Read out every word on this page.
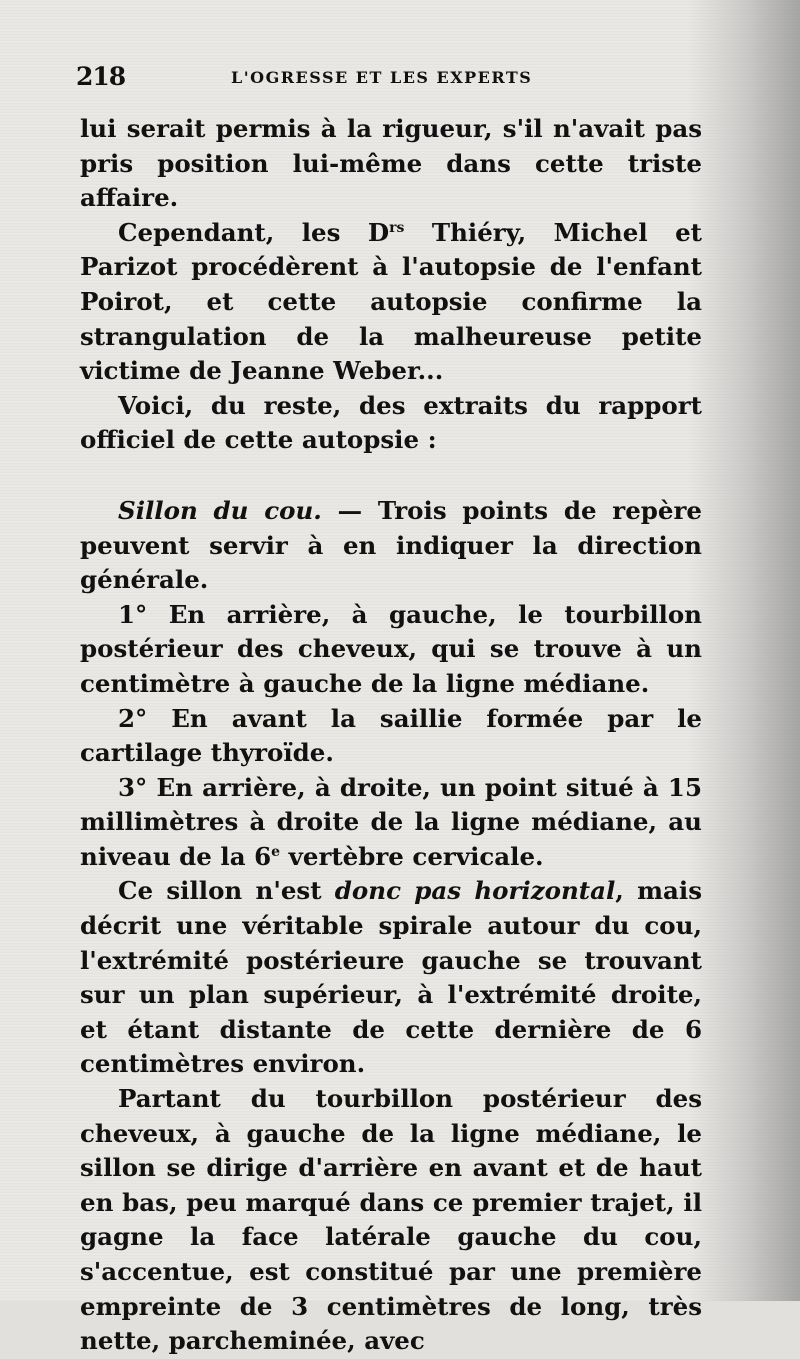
218	L'OGRESSE ET LES EXPERTS

lui serait permis à la rigueur, s'il n'avait pas pris position lui-même dans cette triste affaire.

Cependant, les $D^{rs}$ Thiéry, Michel et Parizot procédèrent à l'autopsie de l'enfant Poirot, et cette autopsie confirme la strangulation de la malheureuse petite victime de Jeanne Weber...

Voici, du reste, des extraits du rapport officiel de cette autopsie :

Sillon du cou. — Trois points de repère peuvent servir à en indiquer la direction générale.

1° En arrière, à gauche, le tourbillon postérieur des cheveux, qui se trouve à un centimètre à gauche de la ligne médiane.

2° En avant la saillie formée par le cartilage thyroïde.

3° En arrière, à droite, un point situé à 15 millimètres à droite de la ligne médiane, au niveau de la 6e vertèbre cervicale.

Ce sillon n'est donc pas horizontal, mais décrit une véritable spirale autour du cou, l'extrémité postérieure gauche se trouvant sur un plan supérieur, à l'extrémité droite, et étant distante de cette dernière de 6 centimètres environ.

Partant du tourbillon postérieur des cheveux, à gauche de la ligne médiane, le sillon se dirige d'arrière en avant et de haut en bas, peu marqué dans ce premier trajet, il gagne la face latérale gauche du cou, s'accentue, est constitué par une première empreinte de 3 centimètres de long, très nette, parcheminée, avec
